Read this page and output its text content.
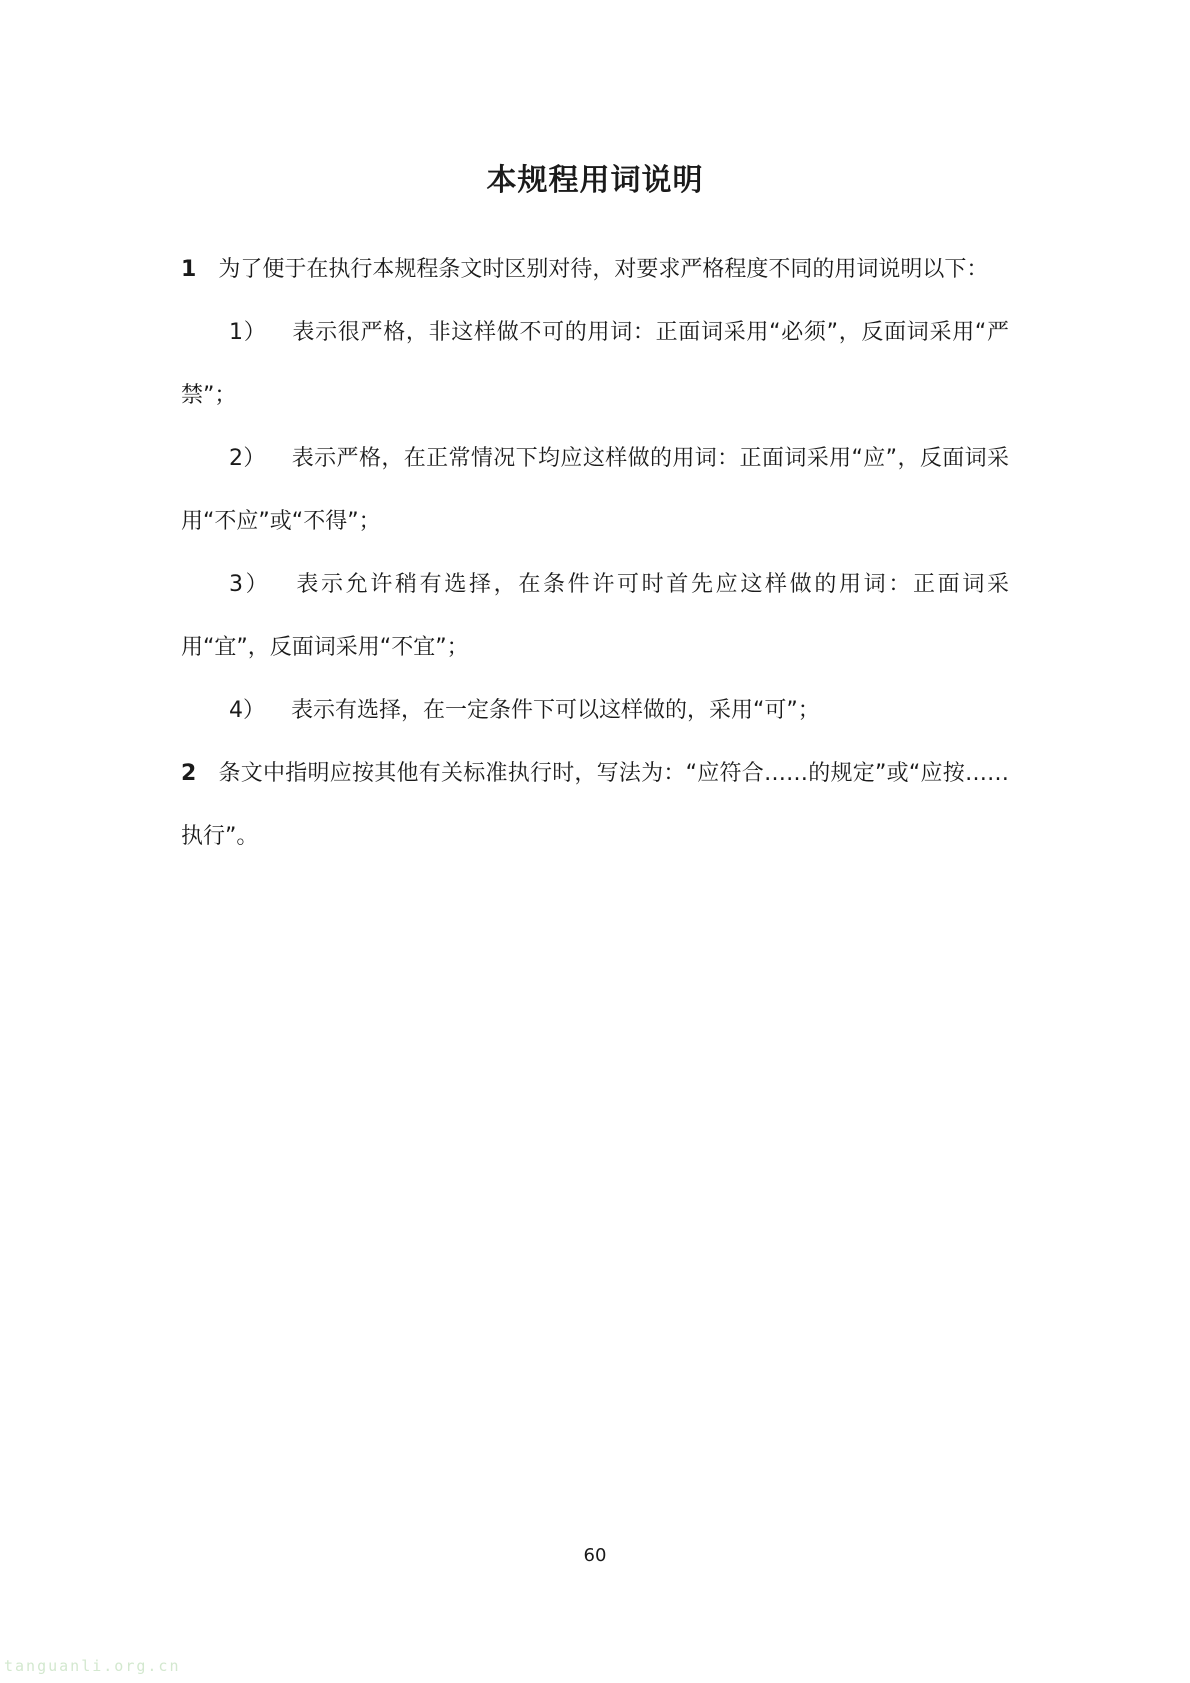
本规程用词说明

1 为了便于在执行本规程条文时区别对待，对要求严格程度不同的用词说明以下：

1） 表示很严格，非这样做不可的用词：正面词采用“必须”，反面词采用“严禁”；

2） 表示严格，在正常情况下均应这样做的用词：正面词采用“应”，反面词采用“不应”或“不得”；

3） 表示允许稍有选择，在条件许可时首先应这样做的用词：正面词采用“宜”，反面词采用“不宜”；

4） 表示有选择，在一定条件下可以这样做的，采用“可”；

2 条文中指明应按其他有关标准执行时，写法为：“应符合……的规定”或“应按……执行”。

60

tanguanli.org.cn
